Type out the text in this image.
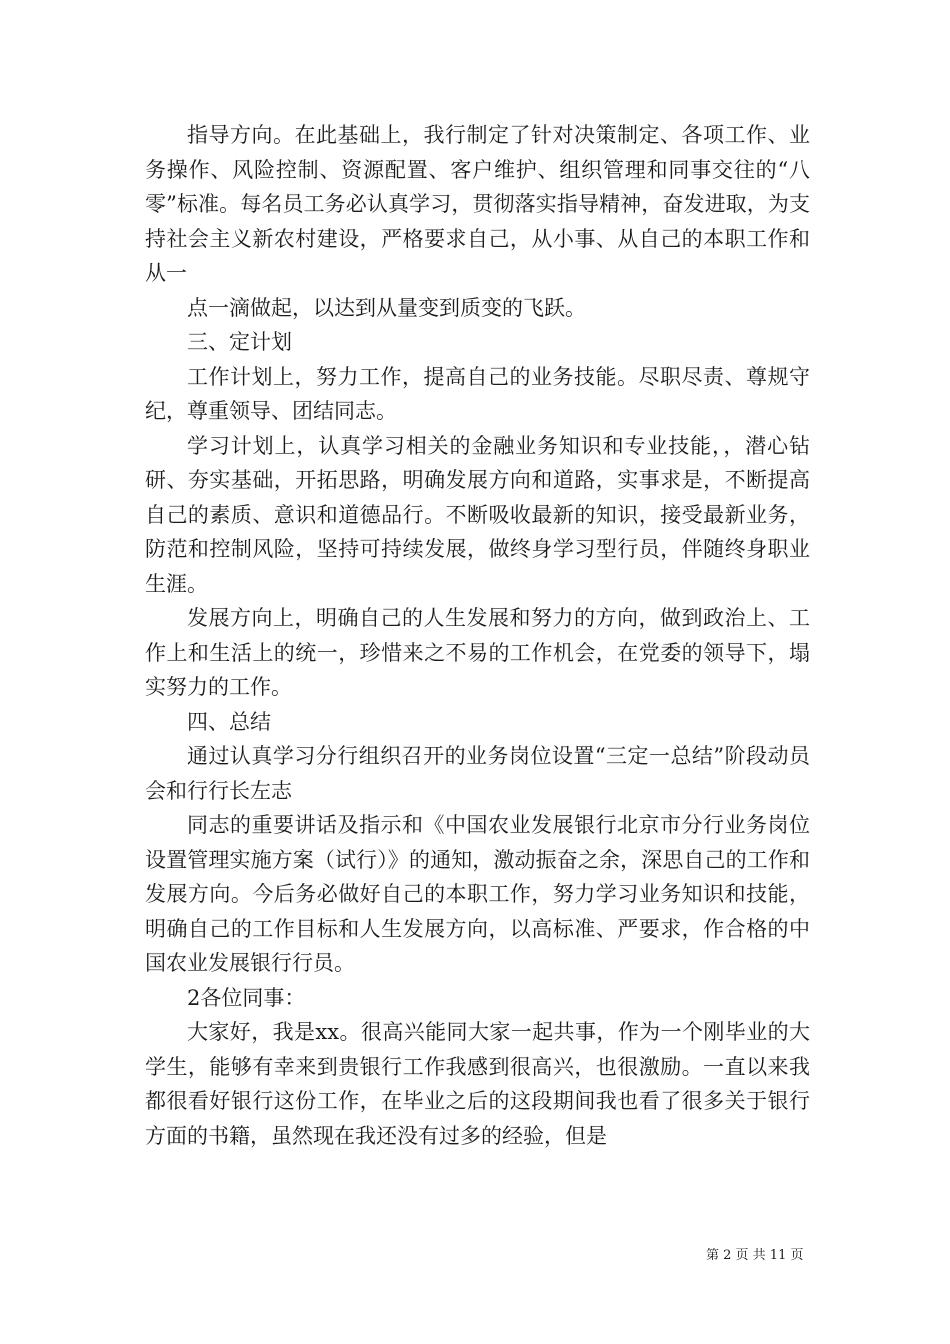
指导方向。在此基础上，我行制定了针对决策制定、各项工作、业务操作、风险控制、资源配置、客户维护、组织管理和同事交往的“八零”标准。每名员工务必认真学习，贯彻落实指导精神，奋发进取，为支持社会主义新农村建设，严格要求自己，从小事、从自己的本职工作和从一

点一滴做起，以达到从量变到质变的飞跃。

三、定计划

工作计划上，努力工作，提高自己的业务技能。尽职尽责、尊规守纪，尊重领导、团结同志。

学习计划上，认真学习相关的金融业务知识和专业技能，，潜心钻研、夯实基础，开拓思路，明确发展方向和道路，实事求是，不断提高自己的素质、意识和道德品行。不断吸收最新的知识，接受最新业务，防范和控制风险，坚持可持续发展，做终身学习型行员，伴随终身职业生涯。

发展方向上，明确自己的人生发展和努力的方向，做到政治上、工作上和生活上的统一，珍惜来之不易的工作机会，在党委的领导下，塌实努力的工作。

四、总结

通过认真学习分行组织召开的业务岗位设置“三定一总结”阶段动员会和行行长左志

同志的重要讲话及指示和《中国农业发展银行北京市分行业务岗位设置管理实施方案（试行）》的通知，激动振奋之余，深思自己的工作和发展方向。今后务必做好自己的本职工作，努力学习业务知识和技能，明确自己的工作目标和人生发展方向，以高标准、严要求，作合格的中国农业发展银行行员。

2各位同事：

大家好，我是xx。很高兴能同大家一起共事，作为一个刚毕业的大学生，能够有幸来到贵银行工作我感到很高兴，也很激励。一直以来我都很看好银行这份工作，在毕业之后的这段期间我也看了很多关于银行方面的书籍，虽然现在我还没有过多的经验，但是

第 2 页 共 11 页
